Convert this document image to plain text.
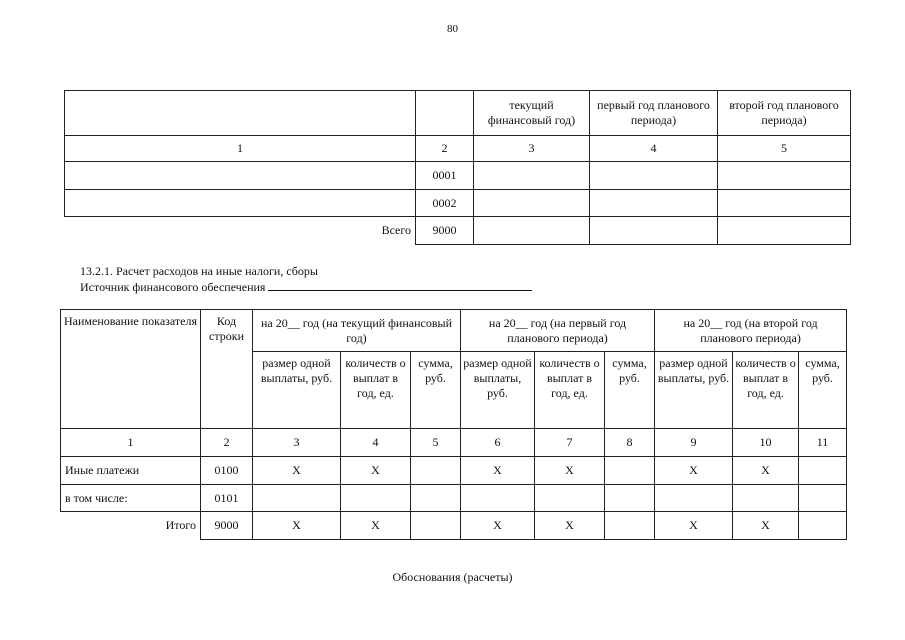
80
		текущий финансовый год)	первый год планового периода)	второй год планового периода)
1	2	3	4	5
	0001			
	0002			
Всего	9000			
13.2.1. Расчет расходов на иные налоги, сборы
Источник финансового обеспечения
Наименование показателя	Код строки	на 20__ год (на текущий финансовый год)			на 20__ год (на первый год планового периода)			на 20__ год (на второй год планового периода)		
		размер одной выплаты, руб.	количеств о выплат в год, ед.	сумма, руб.	размер одной выплаты, руб.	количеств о выплат в год, ед.	сумма, руб.	размер одной выплаты, руб.	количеств о выплат в год, ед.	сумма, руб.
1	2	3	4	5	6	7	8	9	10	11
Иные платежи	0100	X	X		X	X		X	X	
в том числе:	0101									
Итого	9000	X	X		X	X		X	X	
Обоснования (расчеты)
